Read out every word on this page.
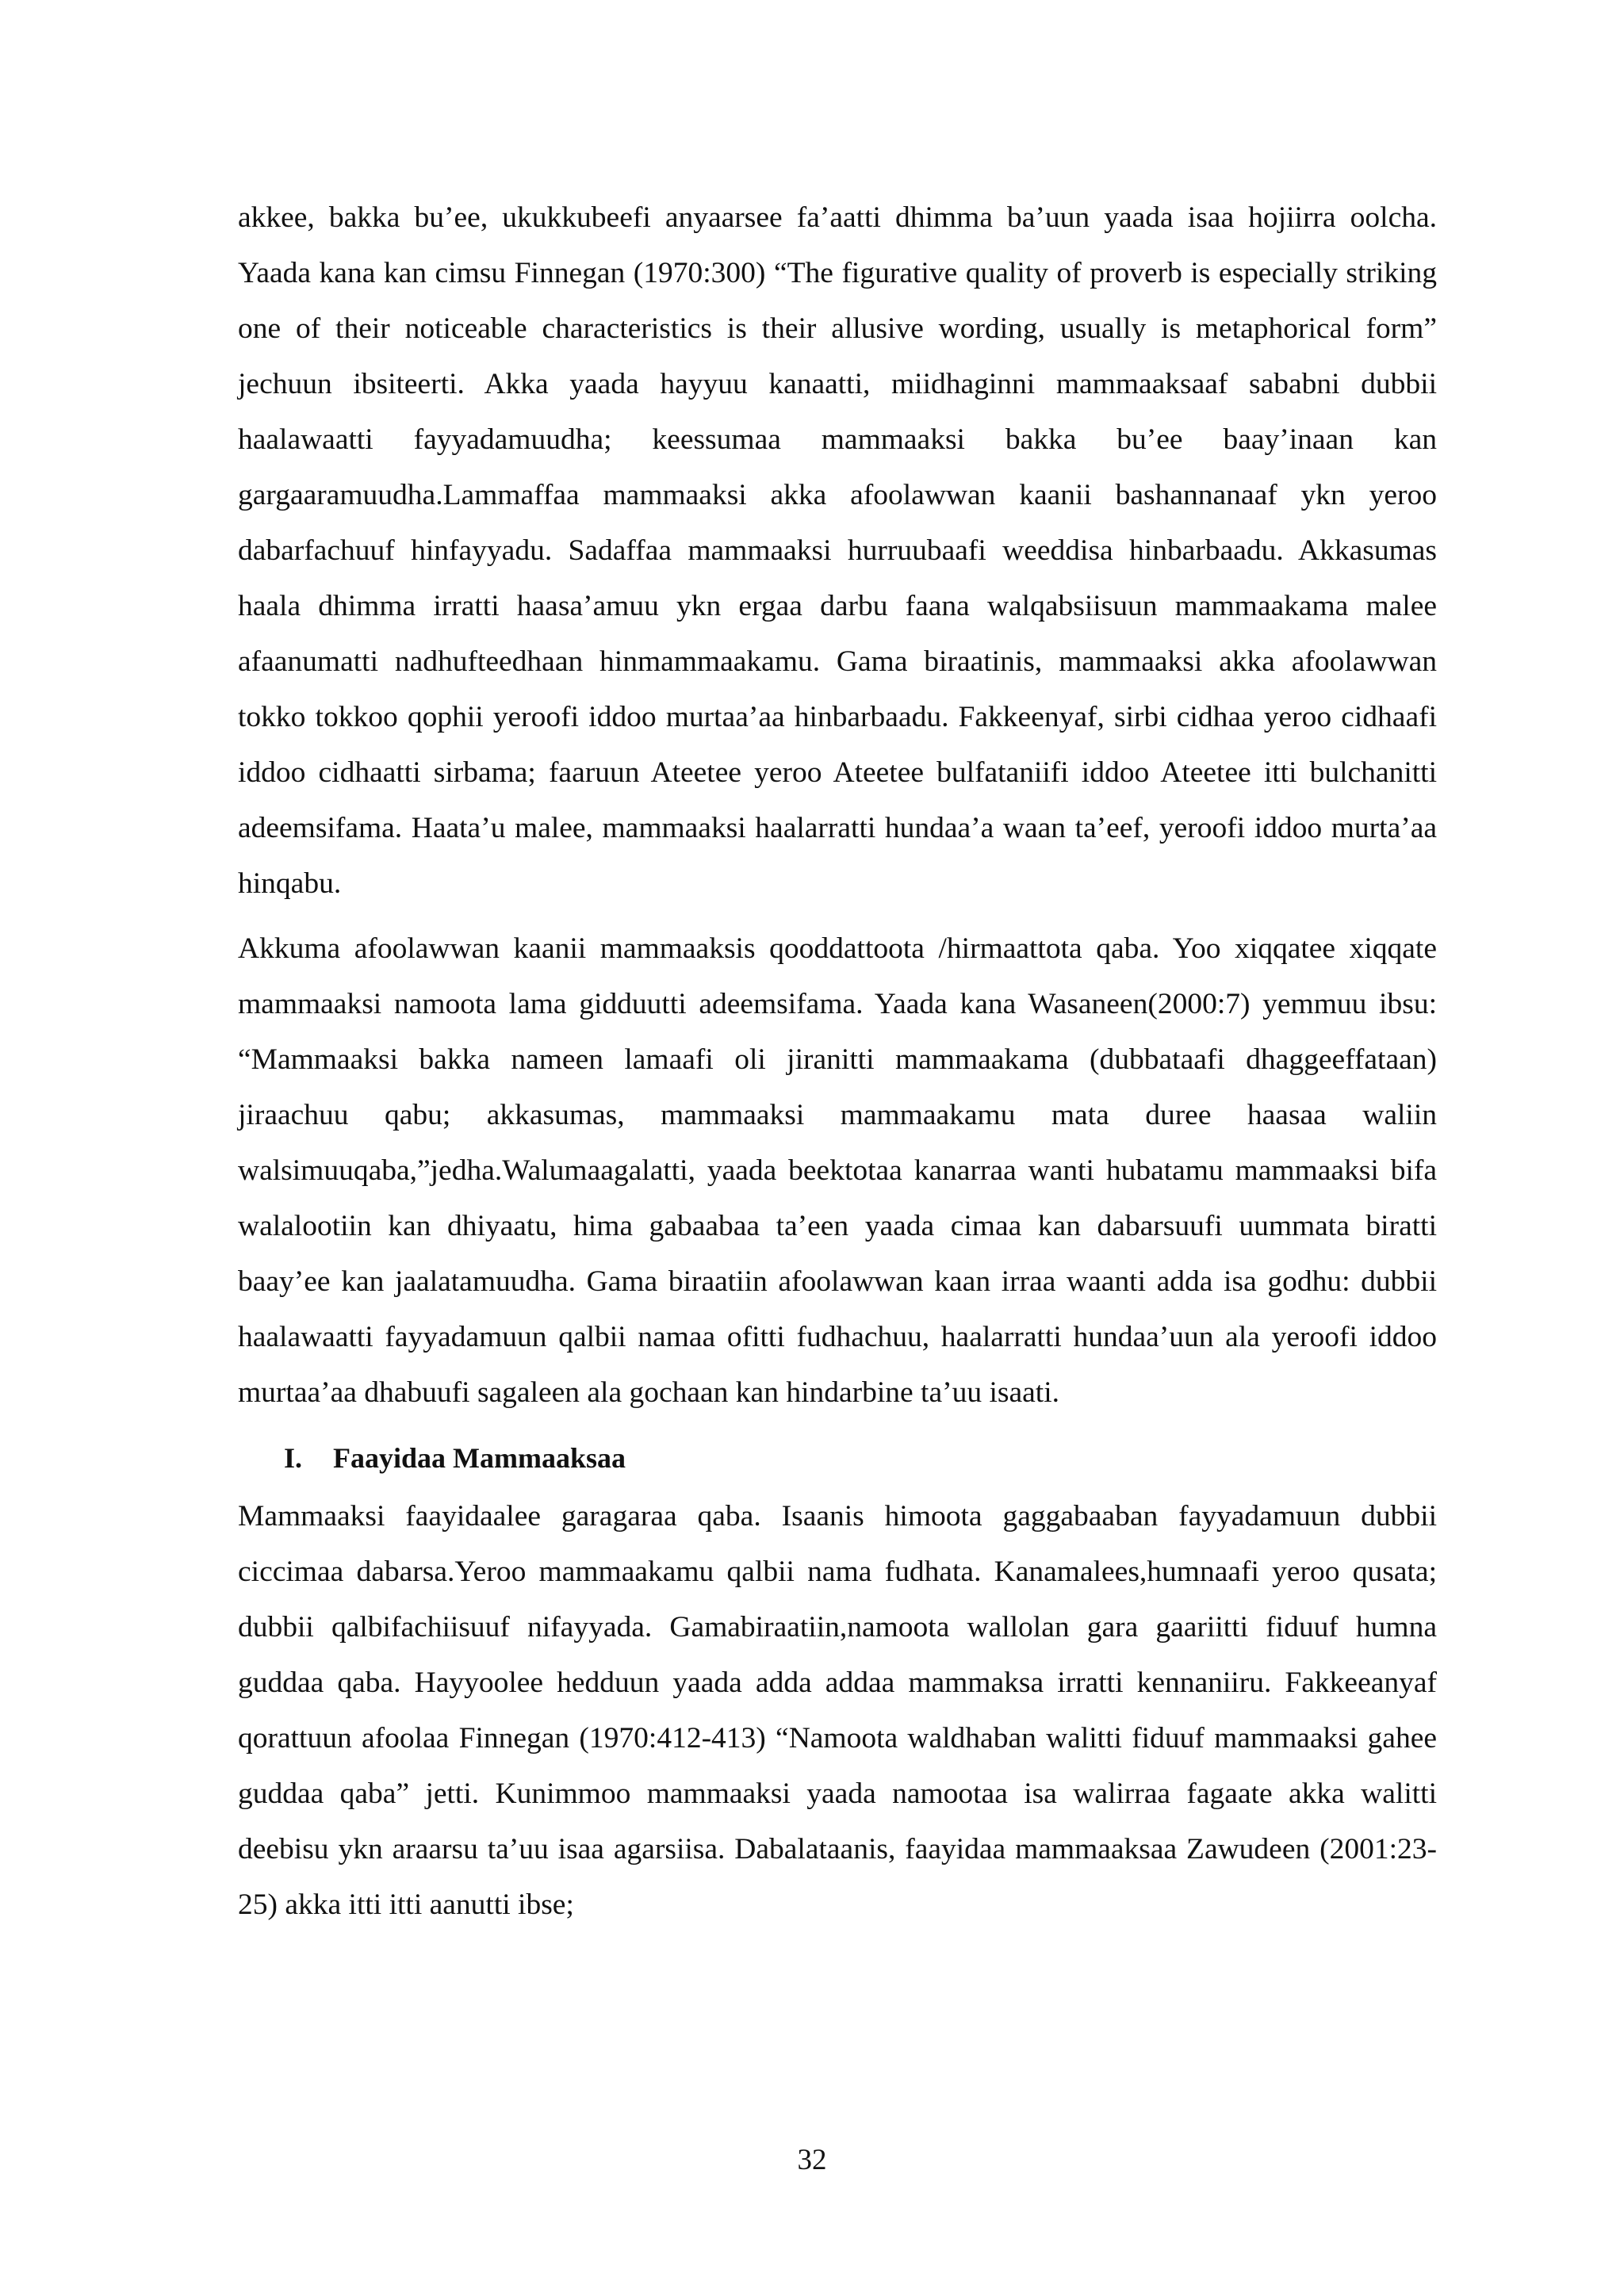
akkee, bakka bu’ee, ukukkubeefi anyaarsee fa’aatti dhimma ba’uun yaada isaa hojiirra oolcha. Yaada kana kan cimsu Finnegan (1970:300) “The figurative quality of proverb is especially striking one of their noticeable characteristics is their allusive wording, usually is metaphorical form” jechuun ibsiteerti. Akka yaada hayyuu kanaatti, miidhaginni mammaaksaaf sababni dubbii haalawaatti fayyadamuudha; keessumaa mammaaksi bakka bu’ee baay’inaan kan gargaaramuudha.Lammaffaa mammaaksi akka afoolawwan kaanii bashannanaaf ykn yeroo dabarfachuuf hinfayyadu. Sadaffaa mammaaksi hurruubaafi weeddisa hinbarbaadu. Akkasumas haala dhimma irratti haasa’amuu ykn ergaa darbu faana walqabsiisuun mammaakama malee afaanumatti nadhufteedhaan hinmammaakamu. Gama biraatinis, mammaaksi akka afoolawwan tokko tokkoo qophii yeroofi iddoo murtaa’aa hinbarbaadu. Fakkeenyaf, sirbi cidhaa yeroo cidhaafi iddoo cidhaatti sirbama; faaruun Ateetee yeroo Ateetee bulfataniifi iddoo Ateetee itti bulchanitti adeemsifama. Haata’u malee, mammaaksi haalarratti hundaa’a waan ta’eef, yeroofi iddoo murta’aa hinqabu.

Akkuma afoolawwan kaanii mammaaksis qooddattoota /hirmaattota qaba. Yoo xiqqatee xiqqate mammaaksi namoota lama gidduutti adeemsifama. Yaada kana Wasaneen(2000:7) yemmuu ibsu: “Mammaaksi bakka nameen lamaafi oli jiranitti mammaakama (dubbataafi dhaggeeffataan) jiraachuu qabu; akkasumas, mammaaksi mammaakamu mata duree haasaa waliin walsimuuqaba,”jedha.Walumaagalatti, yaada beektotaa kanarraa wanti hubatamu mammaaksi bifa walalootiin kan dhiyaatu, hima gabaabaa ta’een yaada cimaa kan dabarsuufi uummata biratti baay’ee kan jaalatamuudha. Gama biraatiin afoolawwan kaan irraa waanti adda isa godhu: dubbii haalawaatti fayyadamuun qalbii namaa ofitti fudhachuu, haalarratti hundaa’uun ala yeroofi iddoo murtaa’aa dhabuufi sagaleen ala gochaan kan hindarbine ta’uu isaati.

I. Faayidaa Mammaaksaa

Mammaaksi faayidaalee garagaraa qaba. Isaanis himoota gaggabaaban fayyadamuun dubbii ciccimaa dabarsa.Yeroo mammaakamu qalbii nama fudhata. Kanamalees,humnaafi yeroo qusata; dubbii qalbifachiisuuf nifayyada. Gamabiraatiin,namoota wallolan gara gaariitti fiduuf humna guddaa qaba. Hayyoolee hedduun yaada adda addaa mammaksa irratti kennaniiru. Fakkeeanyaf qorattuun afoolaa Finnegan (1970:412-413) “Namoota waldhaban walitti fiduuf mammaaksi gahee guddaa qaba” jetti. Kunimmoo mammaaksi yaada namootaa isa walirraa fagaate akka walitti deebisu ykn araarsu ta’uu isaa agarsiisa. Dabalataanis, faayidaa mammaaksaa Zawudeen (2001:23-25) akka itti itti aanutti ibse;

32
